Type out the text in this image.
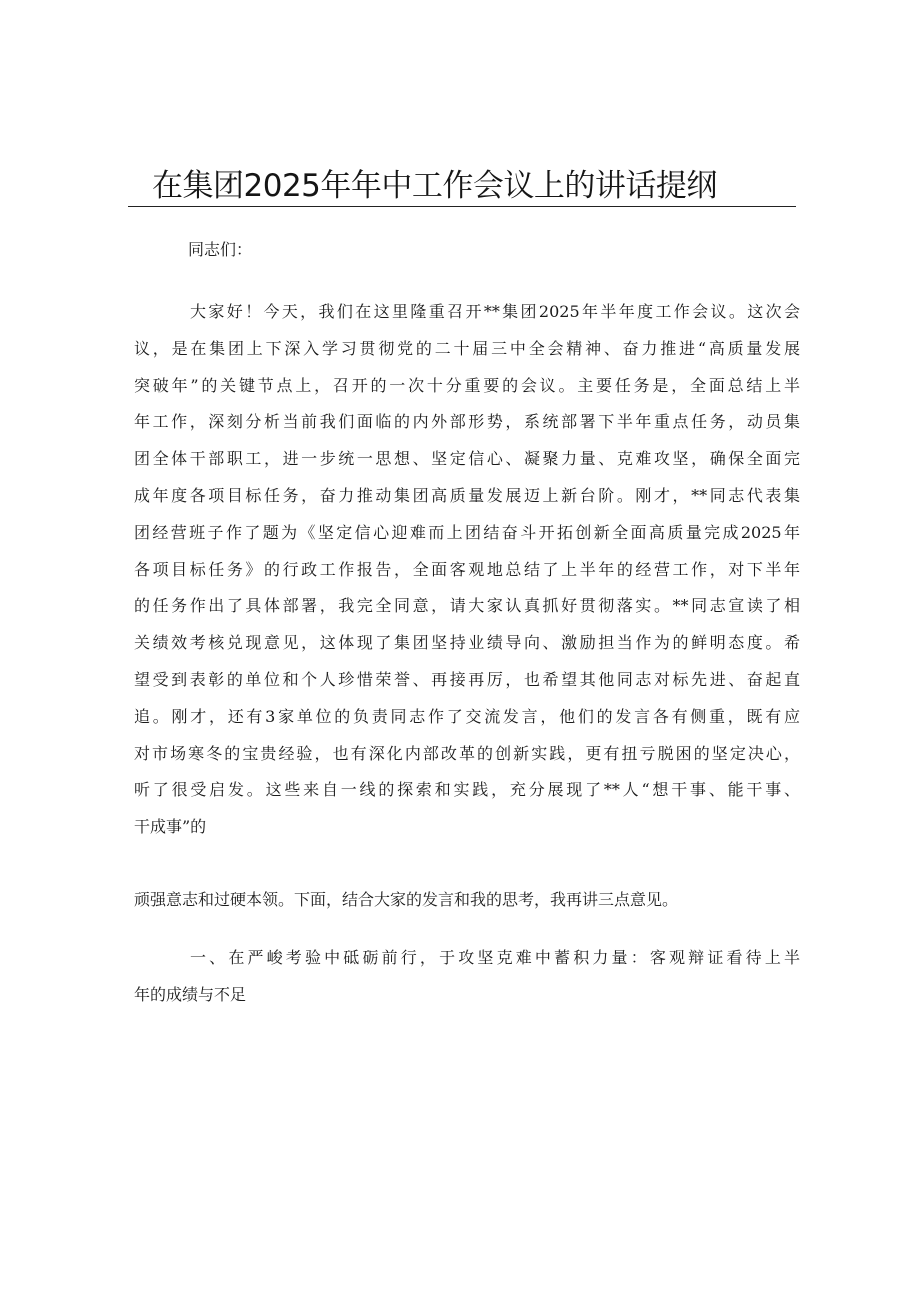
在集团2025年年中工作会议上的讲话提纲
同志们：
大家好！今天，我们在这里隆重召开**集团2025年半年度工作会议。这次会
议，是在集团上下深入学习贯彻党的二十届三中全会精神、奋力推进“高质量发展
突破年”的关键节点上，召开的一次十分重要的会议。主要任务是，全面总结上半
年工作，深刻分析当前我们面临的内外部形势，系统部署下半年重点任务，动员集
团全体干部职工，进一步统一思想、坚定信心、凝聚力量、克难攻坚，确保全面完
成年度各项目标任务，奋力推动集团高质量发展迈上新台阶。刚才，**同志代表集
团经营班子作了题为《坚定信心迎难而上团结奋斗开拓创新全面高质量完成2025年
各项目标任务》的行政工作报告，全面客观地总结了上半年的经营工作，对下半年
的任务作出了具体部署，我完全同意，请大家认真抓好贯彻落实。**同志宣读了相
关绩效考核兑现意见，这体现了集团坚持业绩导向、激励担当作为的鲜明态度。希
望受到表彰的单位和个人珍惜荣誉、再接再厉，也希望其他同志对标先进、奋起直
追。刚才，还有3家单位的负责同志作了交流发言，他们的发言各有侧重，既有应
对市场寒冬的宝贵经验，也有深化内部改革的创新实践，更有扭亏脱困的坚定决心，
听了很受启发。这些来自一线的探索和实践，充分展现了**人“想干事、能干事、
干成事”的
顽强意志和过硬本领。下面，结合大家的发言和我的思考，我再讲三点意见。
一、在严峻考验中砥砺前行，于攻坚克难中蓄积力量：客观辩证看待上半
年的成绩与不足
